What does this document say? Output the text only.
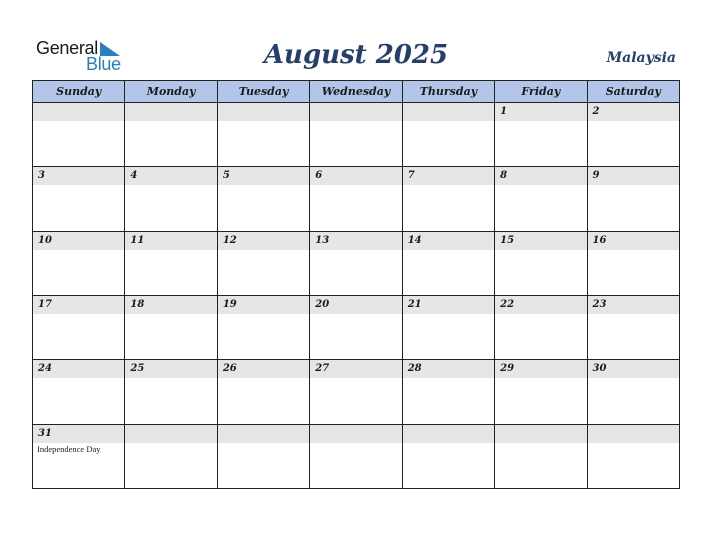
General
Blue	August 2025	Malaysia
Sunday	Monday	Tuesday	Wednesday	Thursday	Friday	Saturday

					1	2

3	4	5	6	7	8	9

10	11	12	13	14	15	16

17	18	19	20	21	22	23

24	25	26	27	28	29	30

31
Independence Day						
